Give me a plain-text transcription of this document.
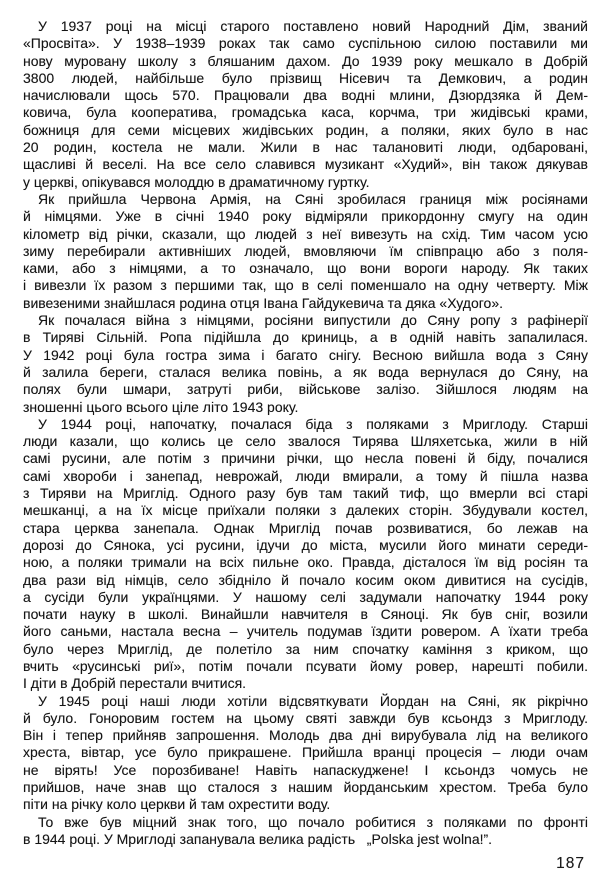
У 1937 році на місці старого поставлено новий Народний Дім, званий
«Просвіта». У 1938–1939 роках так само суспільною силою поставили ми
нову муровану школу з бляшаним дахом. До 1939 року мешкало в Добрій
3800 людей, найбільше було прізвищ Нісевич та Демкович, а родин
начислювали щось 570. Працювали два водні млини, Дзюрдзяка й Дем-
ковича, була кооператива, громадська каса, корчма, три жидівські крами,
божниця для семи місцевих жидівських родин, а поляки, яких було в нас
20 родин, костела не мали. Жили в нас талановиті люди, одбаровані,
щасливі й веселі. На все село славився музикант «Худий», він також дякував
у церкві, опікувався молоддю в драматичному гуртку.
Як прийшла Червона Армія, на Сяні зробилася границя між росіянами
й німцями. Уже в січні 1940 року відміряли прикордонну смугу на один
кілометр від річки, сказали, що людей з неї вивезуть на схід. Тим часом усю
зиму перебирали активніших людей, вмовляючи їм співпрацю або з поля-
ками, або з німцями, а то означало, що вони вороги народу. Як таких
і вивезли їх разом з першими так, що в селі поменшало на одну четверту. Між
вивезеними знайшлася родина отця Івана Гайдукевича та дяка «Худого».
Як почалася війна з німцями, росіяни випустили до Сяну ропу з рафінерії
в Тиряві Сільній. Ропа підійшла до криниць, а в одній навіть запалилася.
У 1942 році була гостра зима і багато снігу. Весною вийшла вода з Сяну
й залила береги, сталася велика повінь, а як вода вернулася до Сяну, на
полях були шмари, затруті риби, військове залізо. Зійшлося людям на
зношенні цього всього ціле літо 1943 року.
У 1944 році, напочатку, почалася біда з поляками з Мриглоду. Старші
люди казали, що колись це село звалося Тирява Шляхетська, жили в ній
самі русини, але потім з причини річки, що несла повені й біду, почалися
самі хвороби і занепад, неврожай, люди вмирали, а тому й пішла назва
з Тиряви на Мриглід. Одного разу був там такий тиф, що вмерли всі старі
мешканці, а на їх місце приїхали поляки з далеких сторін. Збудували костел,
стара церква занепала. Однак Мриглід почав розвиватися, бо лежав на
дорозі до Сянока, усі русини, ідучи до міста, мусили його минати середи-
ною, а поляки тримали на всіх пильне око. Правда, дісталося їм від росіян та
два рази від німців, село збідніло й почало косим оком дивитися на сусідів,
а сусіди були українцями. У нашому селі задумали напочатку 1944 року
почати науку в школі. Винайшли навчителя в Сяноці. Як був сніг, возили
його саньми, настала весна – учитель подумав їздити ровером. А їхати треба
було через Мриглід, де полетіло за ним спочатку каміння з криком, що
вчить «русинські риї», потім почали псувати йому ровер, нарешті побили.
І діти в Добрій перестали вчитися.
У 1945 році наші люди хотіли відсвяткувати Йордан на Сяні, як рікрічно
й було. Гоноровим гостем на цьому святі завжди був ксьондз з Мриглоду.
Він і тепер прийняв запрошення. Молодь два дні вирубувала лід на великого
хреста, вівтар, усе було прикрашене. Прийшла вранці процесія – люди очам
не вірять! Усе порозбиване! Навіть напаскуджене! І ксьондз чомусь не
прийшов, наче знав що сталося з нашим йорданським хрестом. Треба було
піти на річку коло церкви й там охрестити воду.
То вже був міцний знак того, що почало робитися з поляками по фронті
в 1944 році. У Мриглоді запанувала велика радість   „Polska jest wolna!”.
187
